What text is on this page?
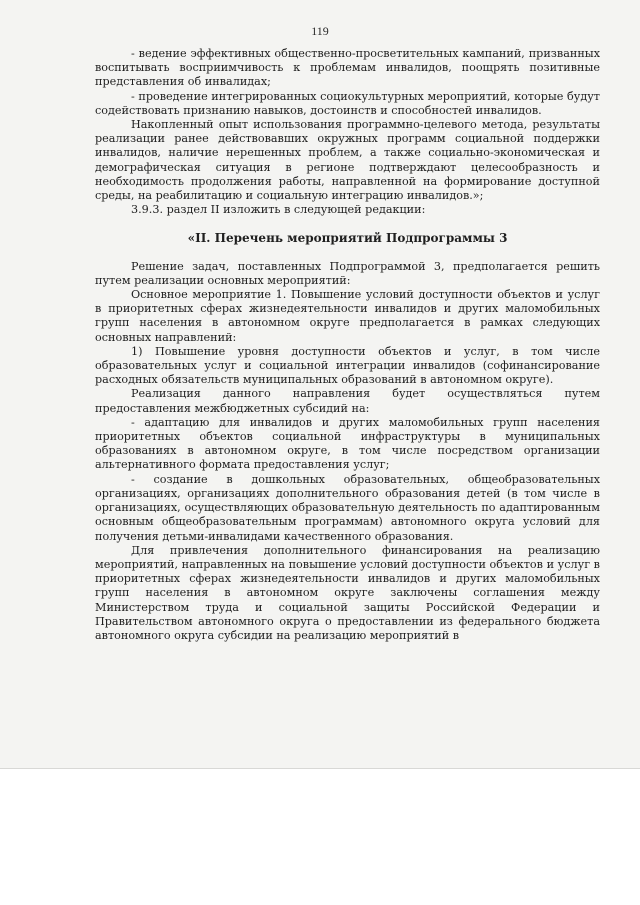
119

- ведение эффективных общественно-просветительных кампаний, призванных воспитывать восприимчивость к проблемам инвалидов, поощрять позитивные представления об инвалидах;

- проведение интегрированных социокультурных мероприятий, которые будут содействовать признанию навыков, достоинств и способностей инвалидов.

Накопленный опыт использования программно-целевого метода, результаты реализации ранее действовавших окружных программ социальной поддержки инвалидов, наличие нерешенных проблем, а также социально-экономическая и демографическая ситуация в регионе подтверждают целесообразность и необходимость продолжения работы, направленной на формирование доступной среды, на реабилитацию и социальную интеграцию инвалидов.»;

3.9.3. раздел II изложить в следующей редакции:

«II. Перечень мероприятий Подпрограммы 3

Решение задач, поставленных Подпрограммой 3, предполагается решить путем реализации основных мероприятий:

Основное мероприятие 1. Повышение условий доступности объектов и услуг в приоритетных сферах жизнедеятельности инвалидов и других маломобильных групп населения в автономном округе предполагается в рамках следующих основных направлений:

1) Повышение уровня доступности объектов и услуг, в том числе образовательных услуг и социальной интеграции инвалидов (софинансирование расходных обязательств муниципальных образований в автономном округе).

Реализация данного направления будет осуществляться путем предоставления межбюджетных субсидий на:

- адаптацию для инвалидов и других маломобильных групп населения приоритетных объектов социальной инфраструктуры в муниципальных образованиях в автономном округе, в том числе посредством организации альтернативного формата предоставления услуг;

- создание в дошкольных образовательных, общеобразовательных организациях, организациях дополнительного образования детей (в том числе в организациях, осуществляющих образовательную деятельность по адаптированным основным общеобразовательным программам) автономного округа условий для получения детьми-инвалидами качественного образования.

Для привлечения дополнительного финансирования на реализацию мероприятий, направленных на повышение условий доступности объектов и услуг в приоритетных сферах жизнедеятельности инвалидов и других маломобильных групп населения в автономном округе заключены соглашения между Министерством труда и социальной защиты Российской Федерации и Правительством автономного округа о предоставлении из федерального бюджета автономного округа субсидии на реализацию мероприятий в
